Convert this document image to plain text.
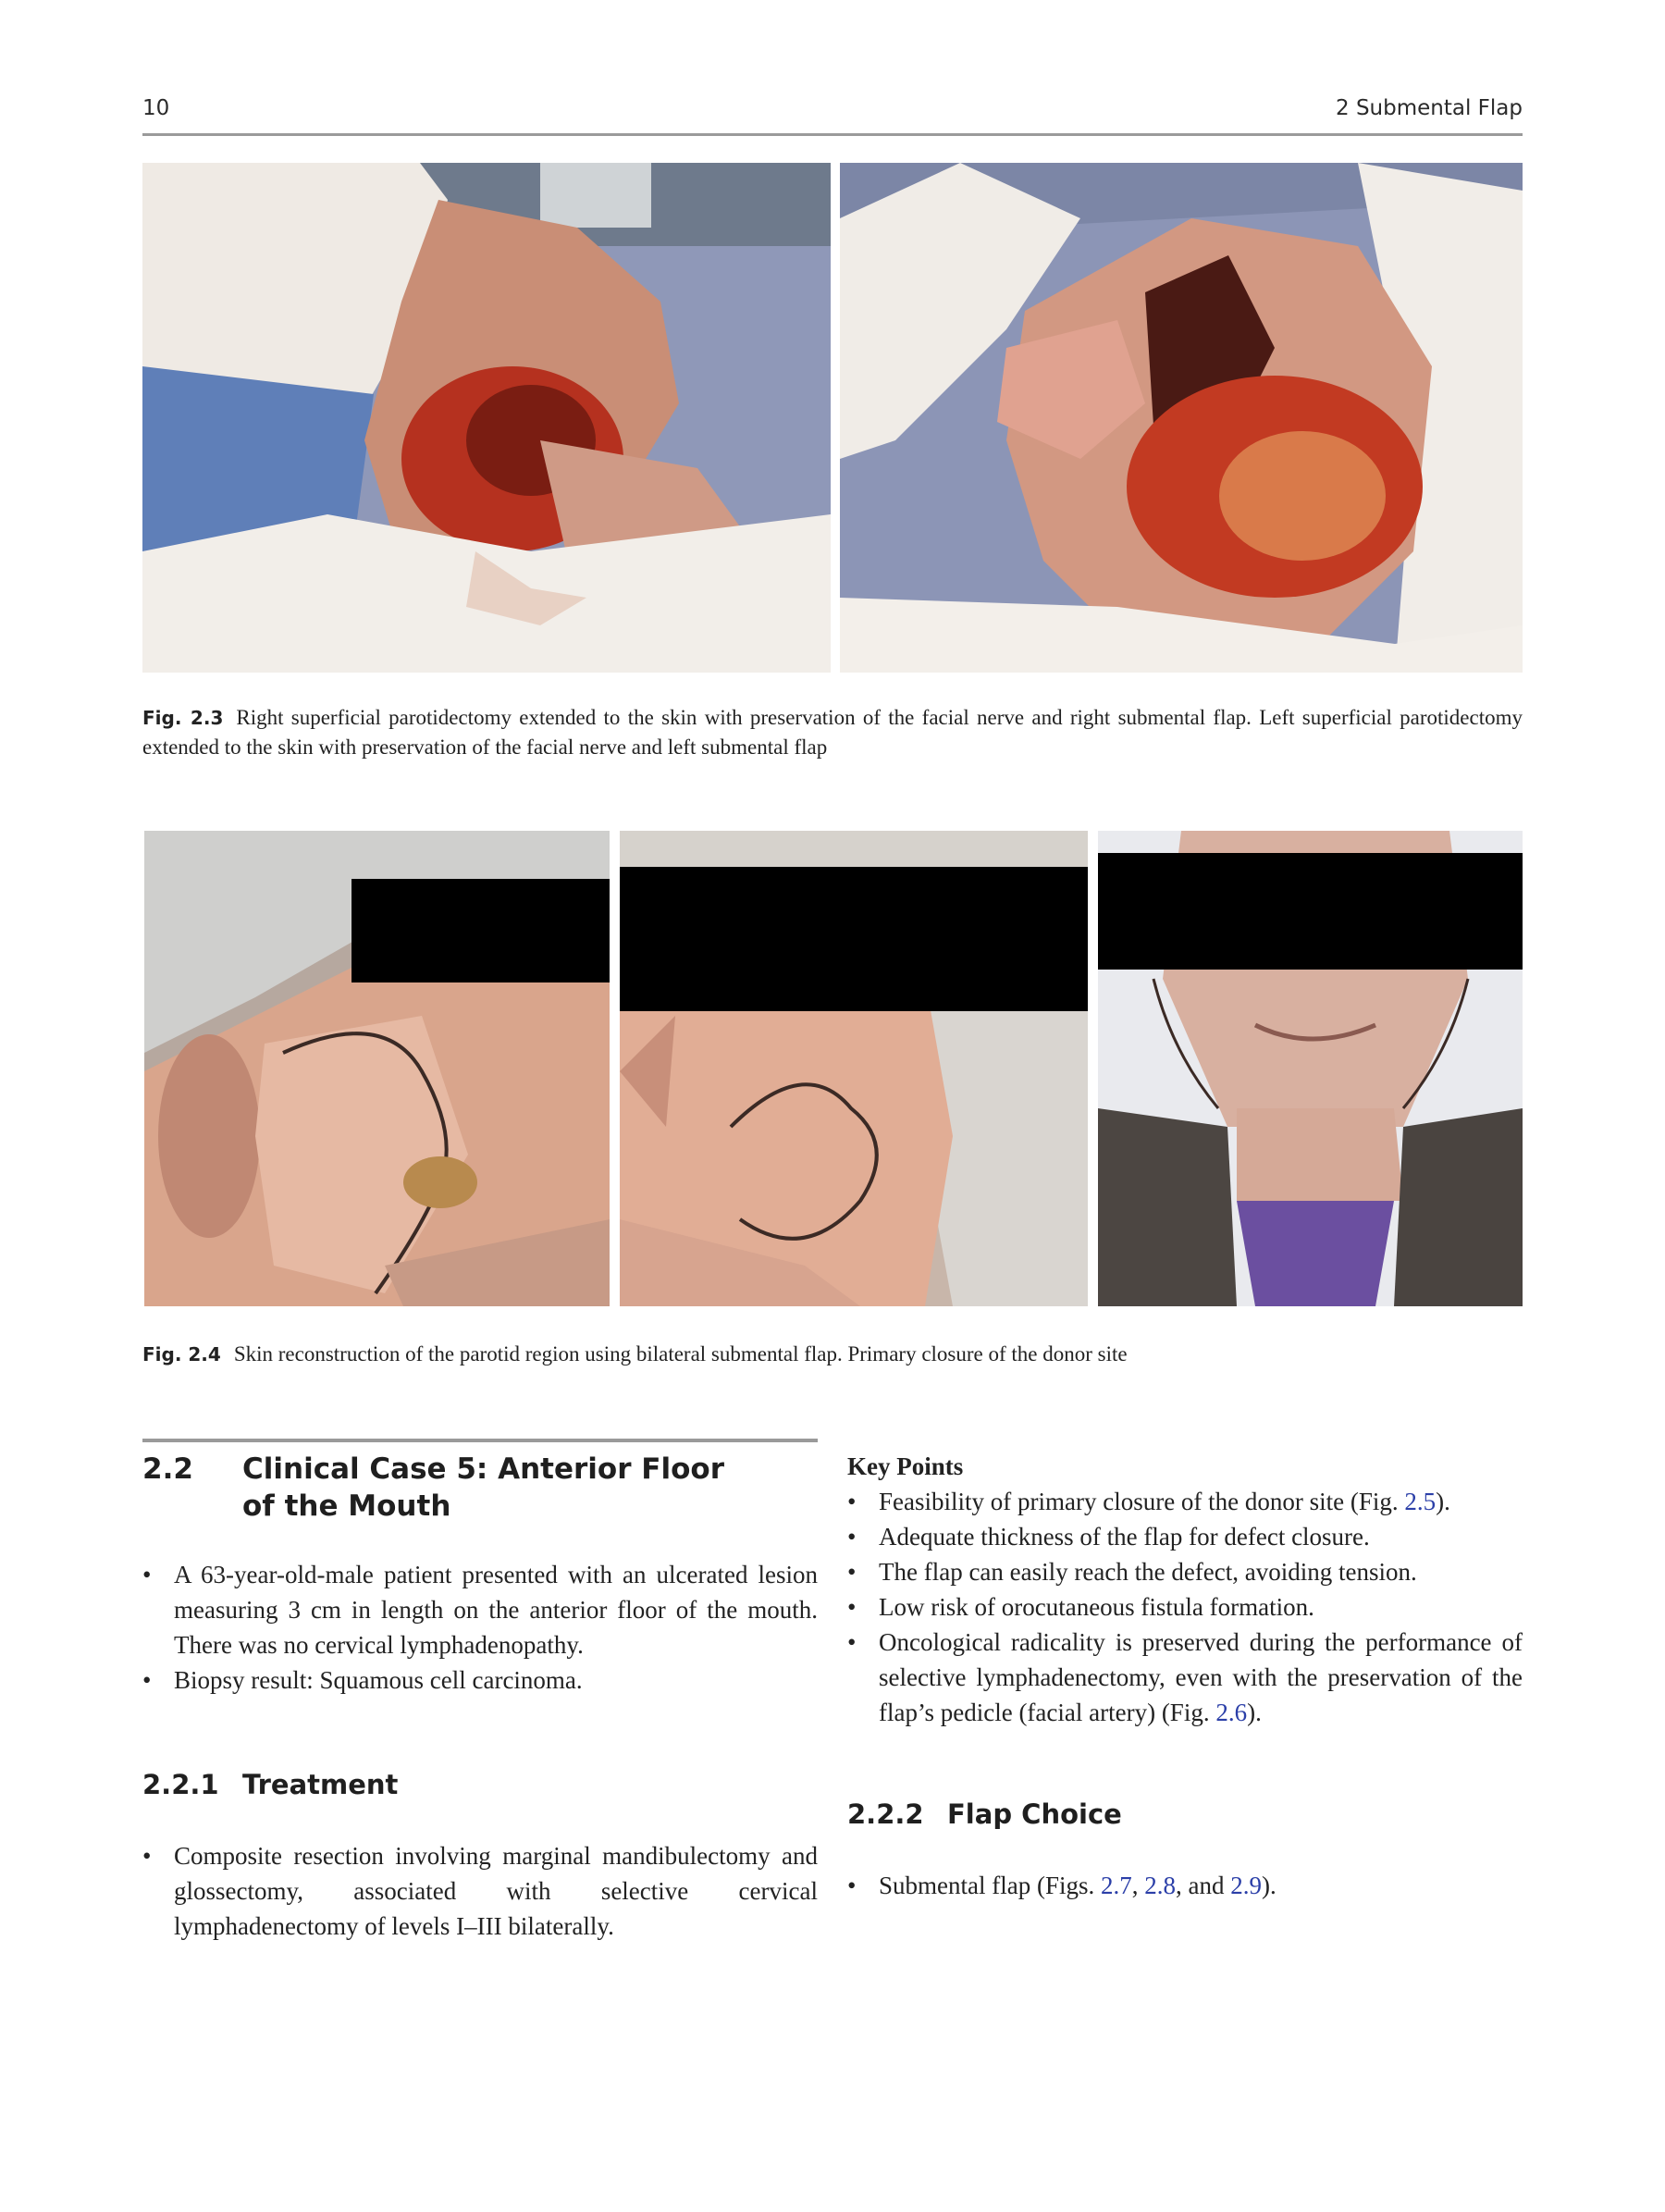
10	2 Submental Flap
Fig. 2.3 Right superficial parotidectomy extended to the skin with preservation of the facial nerve and right submental flap. Left superficial parotidectomy extended to the skin with preservation of the facial nerve and left submental flap
Fig. 2.4 Skin reconstruction of the parotid region using bilateral submental flap. Primary closure of the donor site
2.2 Clinical Case 5: Anterior Floor
of the Mouth
• A 63-year-old-male patient presented with an ulcerated lesion measuring 3 cm in length on the anterior floor of the mouth. There was no cervical lymphadenopathy.
• Biopsy result: Squamous cell carcinoma.
2.2.1 Treatment
• Composite resection involving marginal mandibulectomy and glossectomy, associated with selective cervical lymphadenectomy of levels I–III bilaterally.
Key Points
• Feasibility of primary closure of the donor site (Fig. 2.5).
• Adequate thickness of the flap for defect closure.
• The flap can easily reach the defect, avoiding tension.
• Low risk of orocutaneous fistula formation.
• Oncological radicality is preserved during the performance of selective lymphadenectomy, even with the preservation of the flap’s pedicle (facial artery) (Fig. 2.6).
2.2.2 Flap Choice
• Submental flap (Figs. 2.7, 2.8, and 2.9).
